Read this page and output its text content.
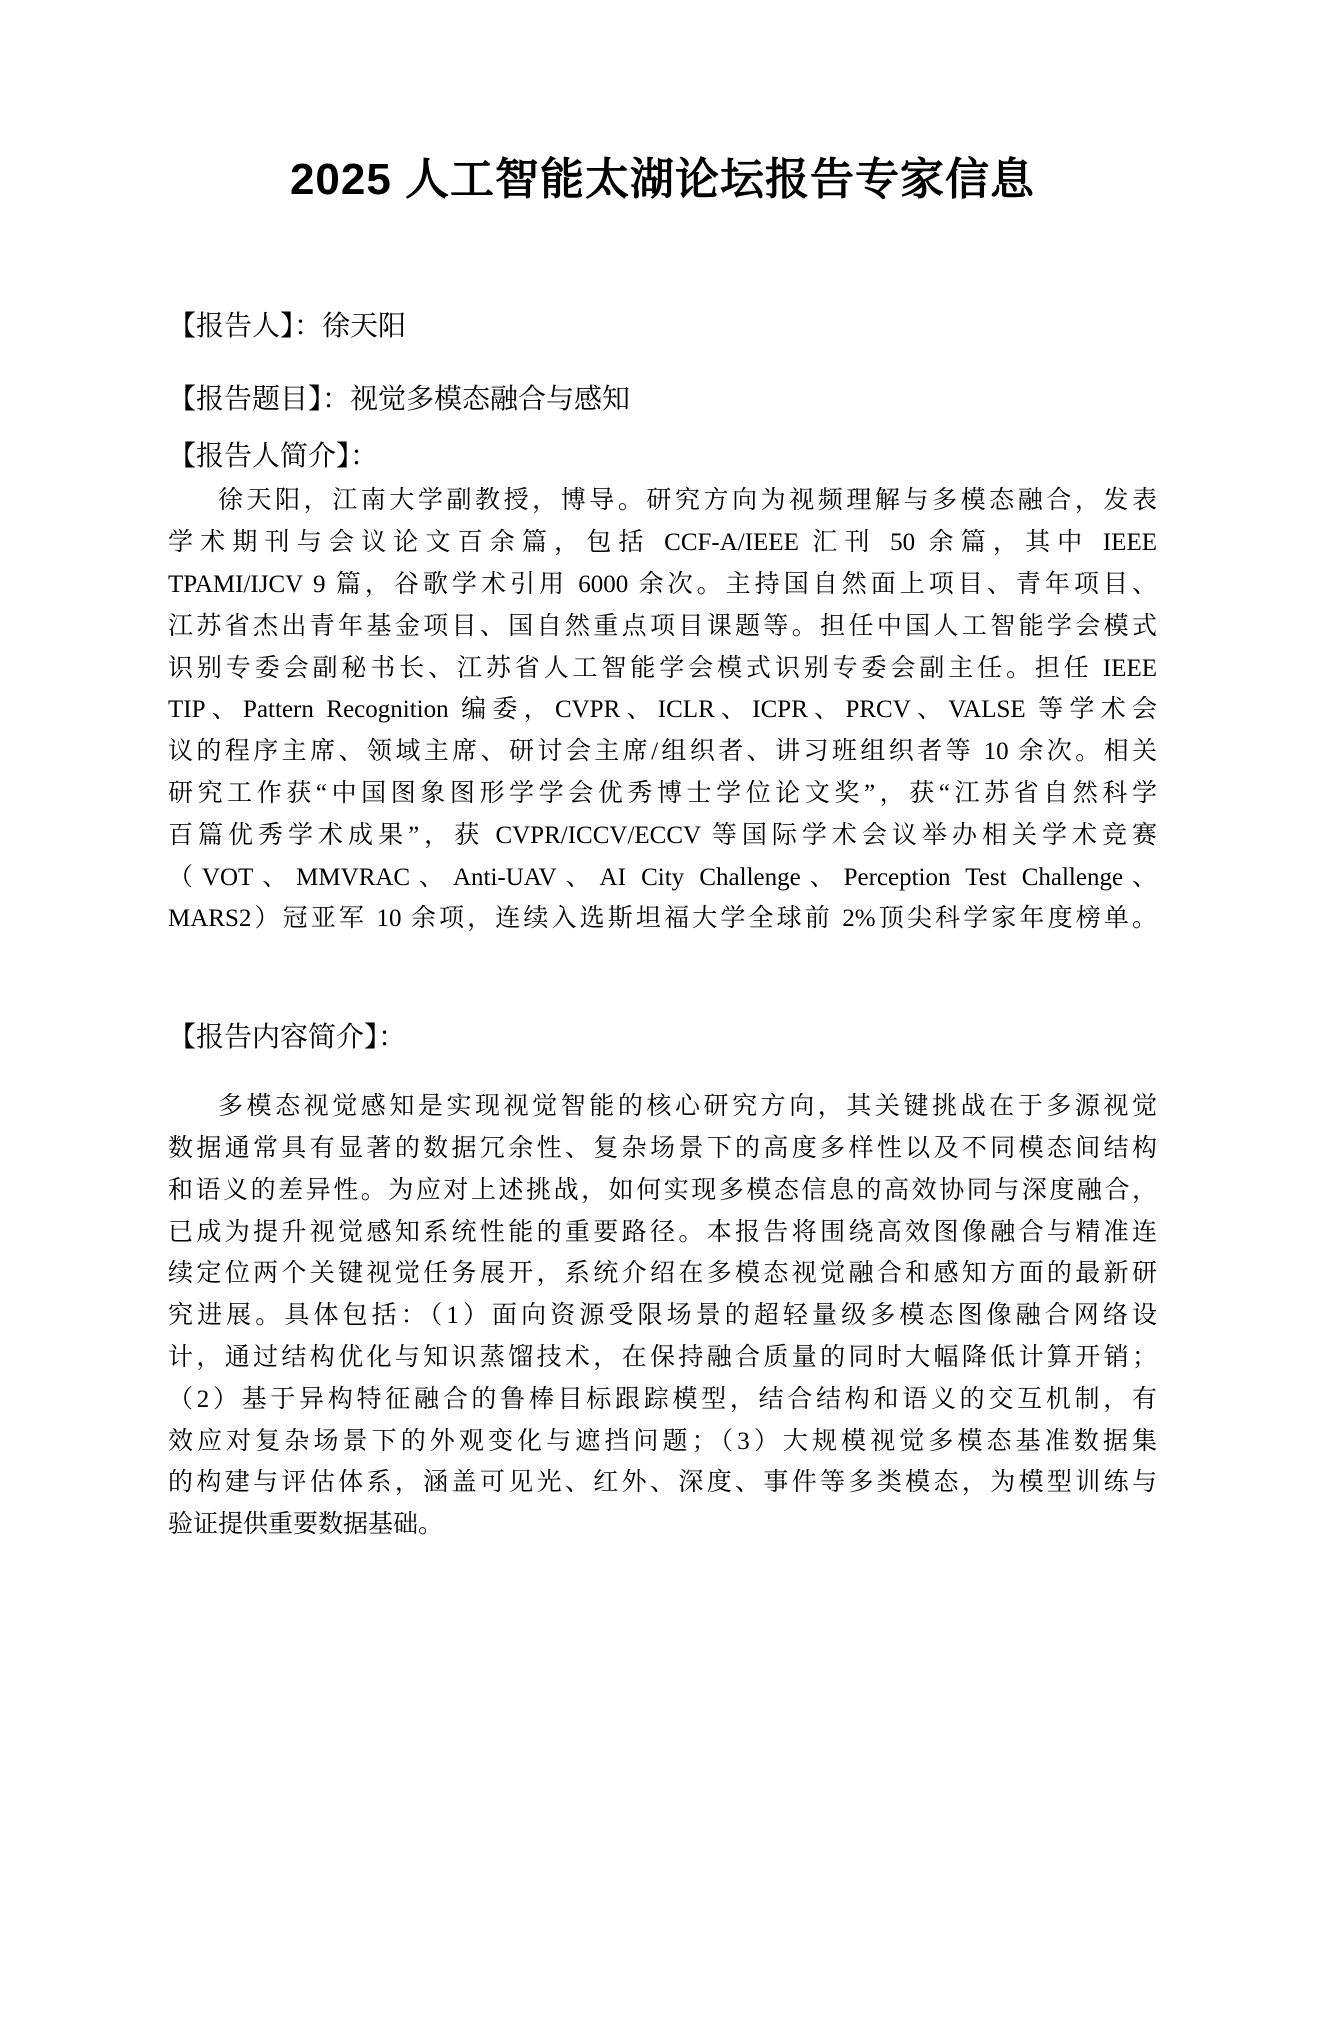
2025 人工智能太湖论坛报告专家信息

【报告人】：徐天阳

【报告题目】：视觉多模态融合与感知

【报告人简介】：

徐天阳，江南大学副教授，博导。研究方向为视频理解与多模态融合，发表
学术期刊与会议论文百余篇，包括 CCF-A/IEEE 汇刊 50 余篇，其中 IEEE
TPAMI/IJCV 9 篇，谷歌学术引用 6000 余次。主持国自然面上项目、青年项目、
江苏省杰出青年基金项目、国自然重点项目课题等。担任中国人工智能学会模式
识别专委会副秘书长、江苏省人工智能学会模式识别专委会副主任。担任 IEEE
TIP、Pattern Recognition 编委，CVPR、ICLR、ICPR、PRCV、VALSE 等学术会
议的程序主席、领域主席、研讨会主席/组织者、讲习班组织者等 10 余次。相关
研究工作获“中国图象图形学学会优秀博士学位论文奖”，获“江苏省自然科学
百篇优秀学术成果”，获 CVPR/ICCV/ECCV 等国际学术会议举办相关学术竞赛
（VOT、MMVRAC、Anti-UAV、AI City Challenge、Perception Test Challenge、
MARS2）冠亚军 10 余项，连续入选斯坦福大学全球前 2%顶尖科学家年度榜单。

【报告内容简介】：

多模态视觉感知是实现视觉智能的核心研究方向，其关键挑战在于多源视觉
数据通常具有显著的数据冗余性、复杂场景下的高度多样性以及不同模态间结构
和语义的差异性。为应对上述挑战，如何实现多模态信息的高效协同与深度融合，
已成为提升视觉感知系统性能的重要路径。本报告将围绕高效图像融合与精准连
续定位两个关键视觉任务展开，系统介绍在多模态视觉融合和感知方面的最新研
究进展。具体包括：（1）面向资源受限场景的超轻量级多模态图像融合网络设
计，通过结构优化与知识蒸馏技术，在保持融合质量的同时大幅降低计算开销；
（2）基于异构特征融合的鲁棒目标跟踪模型，结合结构和语义的交互机制，有
效应对复杂场景下的外观变化与遮挡问题；（3）大规模视觉多模态基准数据集
的构建与评估体系，涵盖可见光、红外、深度、事件等多类模态，为模型训练与
验证提供重要数据基础。
